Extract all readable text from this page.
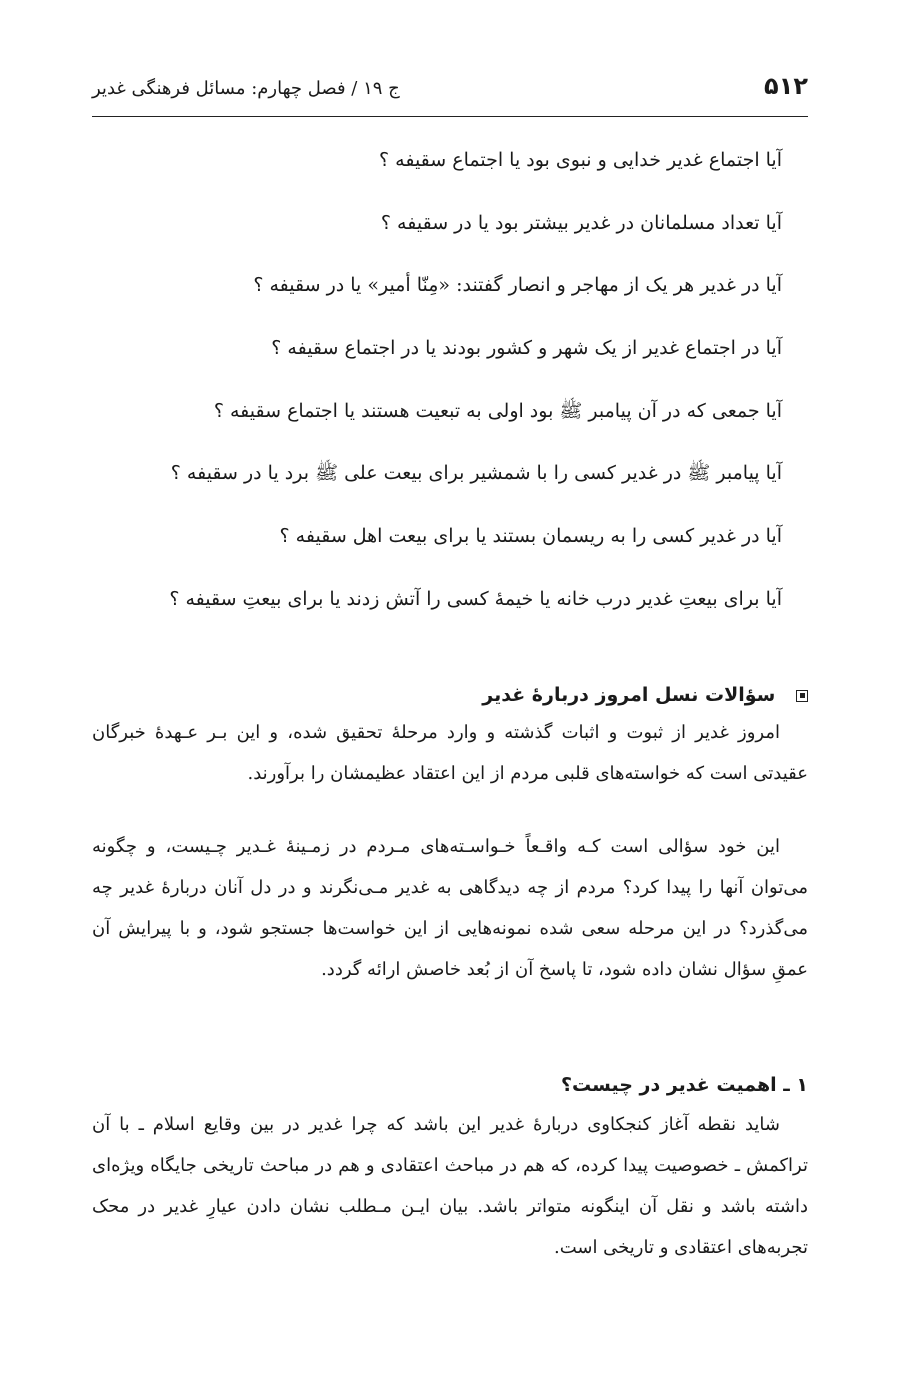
۵۱۲
ج ۱۹ / فصل چهارم: مسائل فرهنگی غدیر
آیا اجتماع غدیر خدایی و نبوی بود یا اجتماع سقیفه ؟
آیا تعداد مسلمانان در غدیر بیشتر بود یا در سقیفه ؟
آیا در غدیر هر یک از مهاجر و انصار گفتند: «مِنّا أمیر» یا در سقیفه ؟
آیا در اجتماع غدیر از یک شهر و کشور بودند یا در اجتماع سقیفه ؟
آیا جمعی که در آن پیامبر ﷺ بود اولی به تبعیت هستند یا اجتماع سقیفه ؟
آیا پیامبر ﷺ در غدیر کسی را با شمشیر برای بیعت علی ﷺ برد یا در سقیفه ؟
آیا در غدیر کسی را به ریسمان بستند یا برای بیعت اهل سقیفه ؟
آیا برای بیعتِ غدیر درب خانه یا خیمهٔ کسی را آتش زدند یا برای بیعتِ سقیفه ؟
سؤالات نسل امروز دربارهٔ غدیر

امروز غدیر از ثبوت و اثبات گذشته و وارد مرحلهٔ تحقیق شده، و این بـر عـهدهٔ خبرگان عقیدتی است که خواسته‌های قلبی مردم از این اعتقاد عظیمشان را برآورند.

این خود سؤالی است کـه واقـعاً خـواسـته‌های مـردم در زمـینهٔ غـدیر چـیست، و چگونه می‌توان آنها را پیدا کرد؟ مردم از چه دیدگاهی به غدیر مـی‌نگرند و در دل آنان دربارهٔ غدیر چه می‌گذرد؟ در این مرحله سعی شده نمونه‌هایی از این خواست‌ها جستجو شود، و با پیرایش آن عمقِ سؤال نشان داده شود، تا پاسخ آن از بُعد خاصش ارائه گردد.

۱ ـ اهمیت غدیر در چیست؟

شاید نقطه آغاز کنجکاوی دربارهٔ غدیر این باشد که چرا غدیر در بین وقایع اسلام ـ با آن تراکمش ـ خصوصیت پیدا کرده، که هم در مباحث اعتقادی و هم در مباحث تاریخی جایگاه ویژه‌ای داشته باشد و نقل آن اینگونه متواتر باشد. بیان ایـن مـطلب نشان دادن عیارِ غدیر در محک تجربه‌های اعتقادی و تاریخی است.
